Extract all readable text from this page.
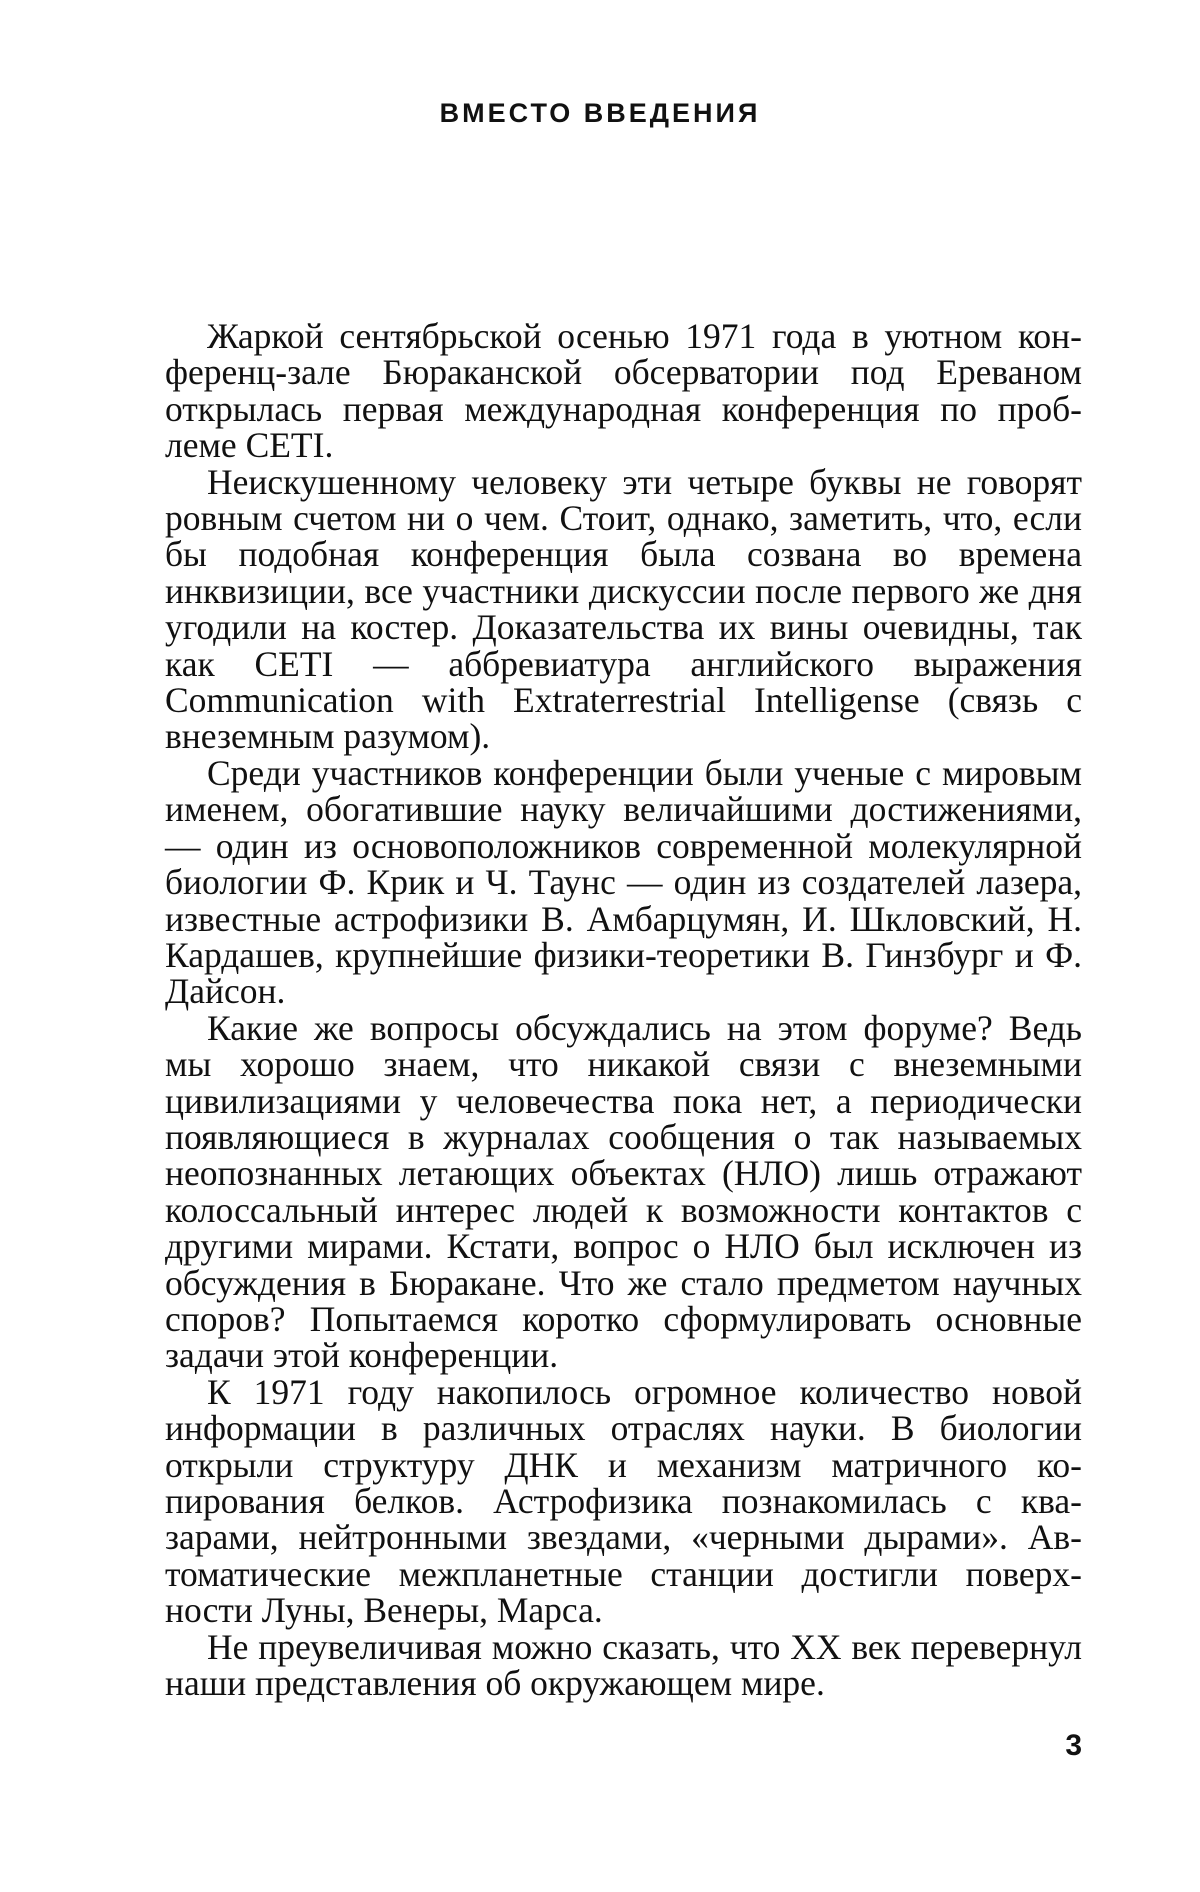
ВМЕСТО ВВЕДЕНИЯ

Жаркой сентябрьской осенью 1971 года в уютном конференц-зале Бюраканской обсерватории под Ереваном открылась первая международная конференция по проблеме CETI.

Неискушенному человеку эти четыре буквы не говорят ровным счетом ни о чем. Стоит, однако, заметить, что, если бы подобная конференция была созвана во времена инквизиции, все участники дискуссии после первого же дня угодили на костер. Доказательства их вины очевидны, так как CETI — аббревиатура английского выражения Communication with Extraterrestrial Intelligense (связь с внеземным разумом).

Среди участников конференции были ученые с мировым именем, обогатившие науку величайшими достижениями, — один из основоположников современной молекулярной биологии Ф. Крик и Ч. Таунс — один из создателей лазера, известные астрофизики В. Амбарцумян, И. Шкловский, Н. Кардашев, крупнейшие физики-теоретики В. Гинзбург и Ф. Дайсон.

Какие же вопросы обсуждались на этом форуме? Ведь мы хорошо знаем, что никакой связи с внеземными цивилизациями у человечества пока нет, а периодически появляющиеся в журналах сообщения о так называемых неопознанных летающих объектах (НЛО) лишь отражают колоссальный интерес людей к возможности контактов с другими мирами. Кстати, вопрос о НЛО был исключен из обсуждения в Бюракане. Что же стало предметом научных споров? Попытаемся коротко сформулировать основные задачи этой конференции.

К 1971 году накопилось огромное количество новой информации в различных отраслях науки. В биологии открыли структуру ДНК и механизм матричного копирования белков. Астрофизика познакомилась с квазарами, нейтронными звездами, «черными дырами». Автоматические межпланетные станции достигли поверхности Луны, Венеры, Марса.

Не преувеличивая можно сказать, что XX век перевернул наши представления об окружающем мире.

3
